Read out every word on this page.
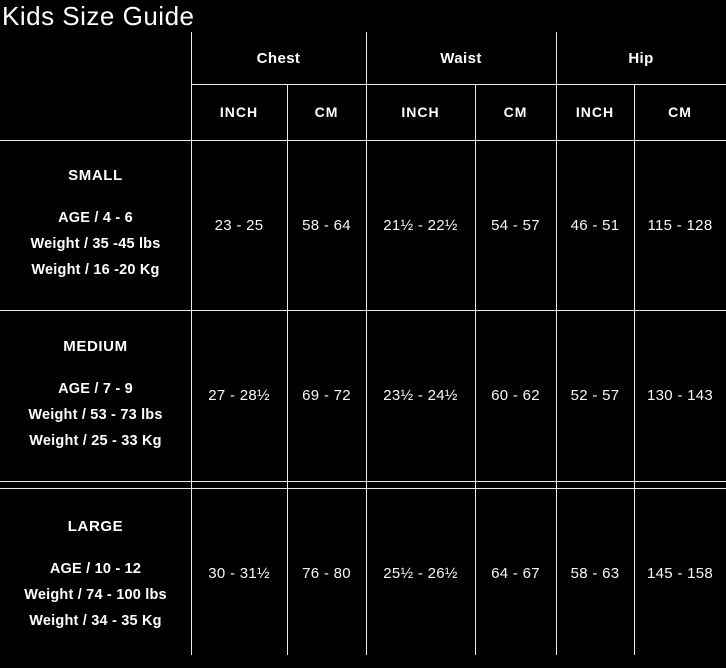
Kids Size Guide
Chest	Waist	Hip
INCH	CM	INCH	CM	INCH	CM
SMALL
AGE / 4 - 6
Weight / 35 -45 lbs
Weight / 16 -20 Kg
23 - 25	58 - 64	21½ - 22½	54 - 57	46 - 51	115 - 128
MEDIUM
AGE / 7 - 9
Weight / 53 - 73 lbs
Weight / 25 - 33 Kg
27 - 28½	69 - 72	23½ - 24½	60 - 62	52 - 57	130 - 143
LARGE
AGE / 10 - 12
Weight / 74 - 100 lbs
Weight / 34 - 35 Kg
30 - 31½	76 - 80	25½ - 26½	64 - 67	58 - 63	145 - 158
